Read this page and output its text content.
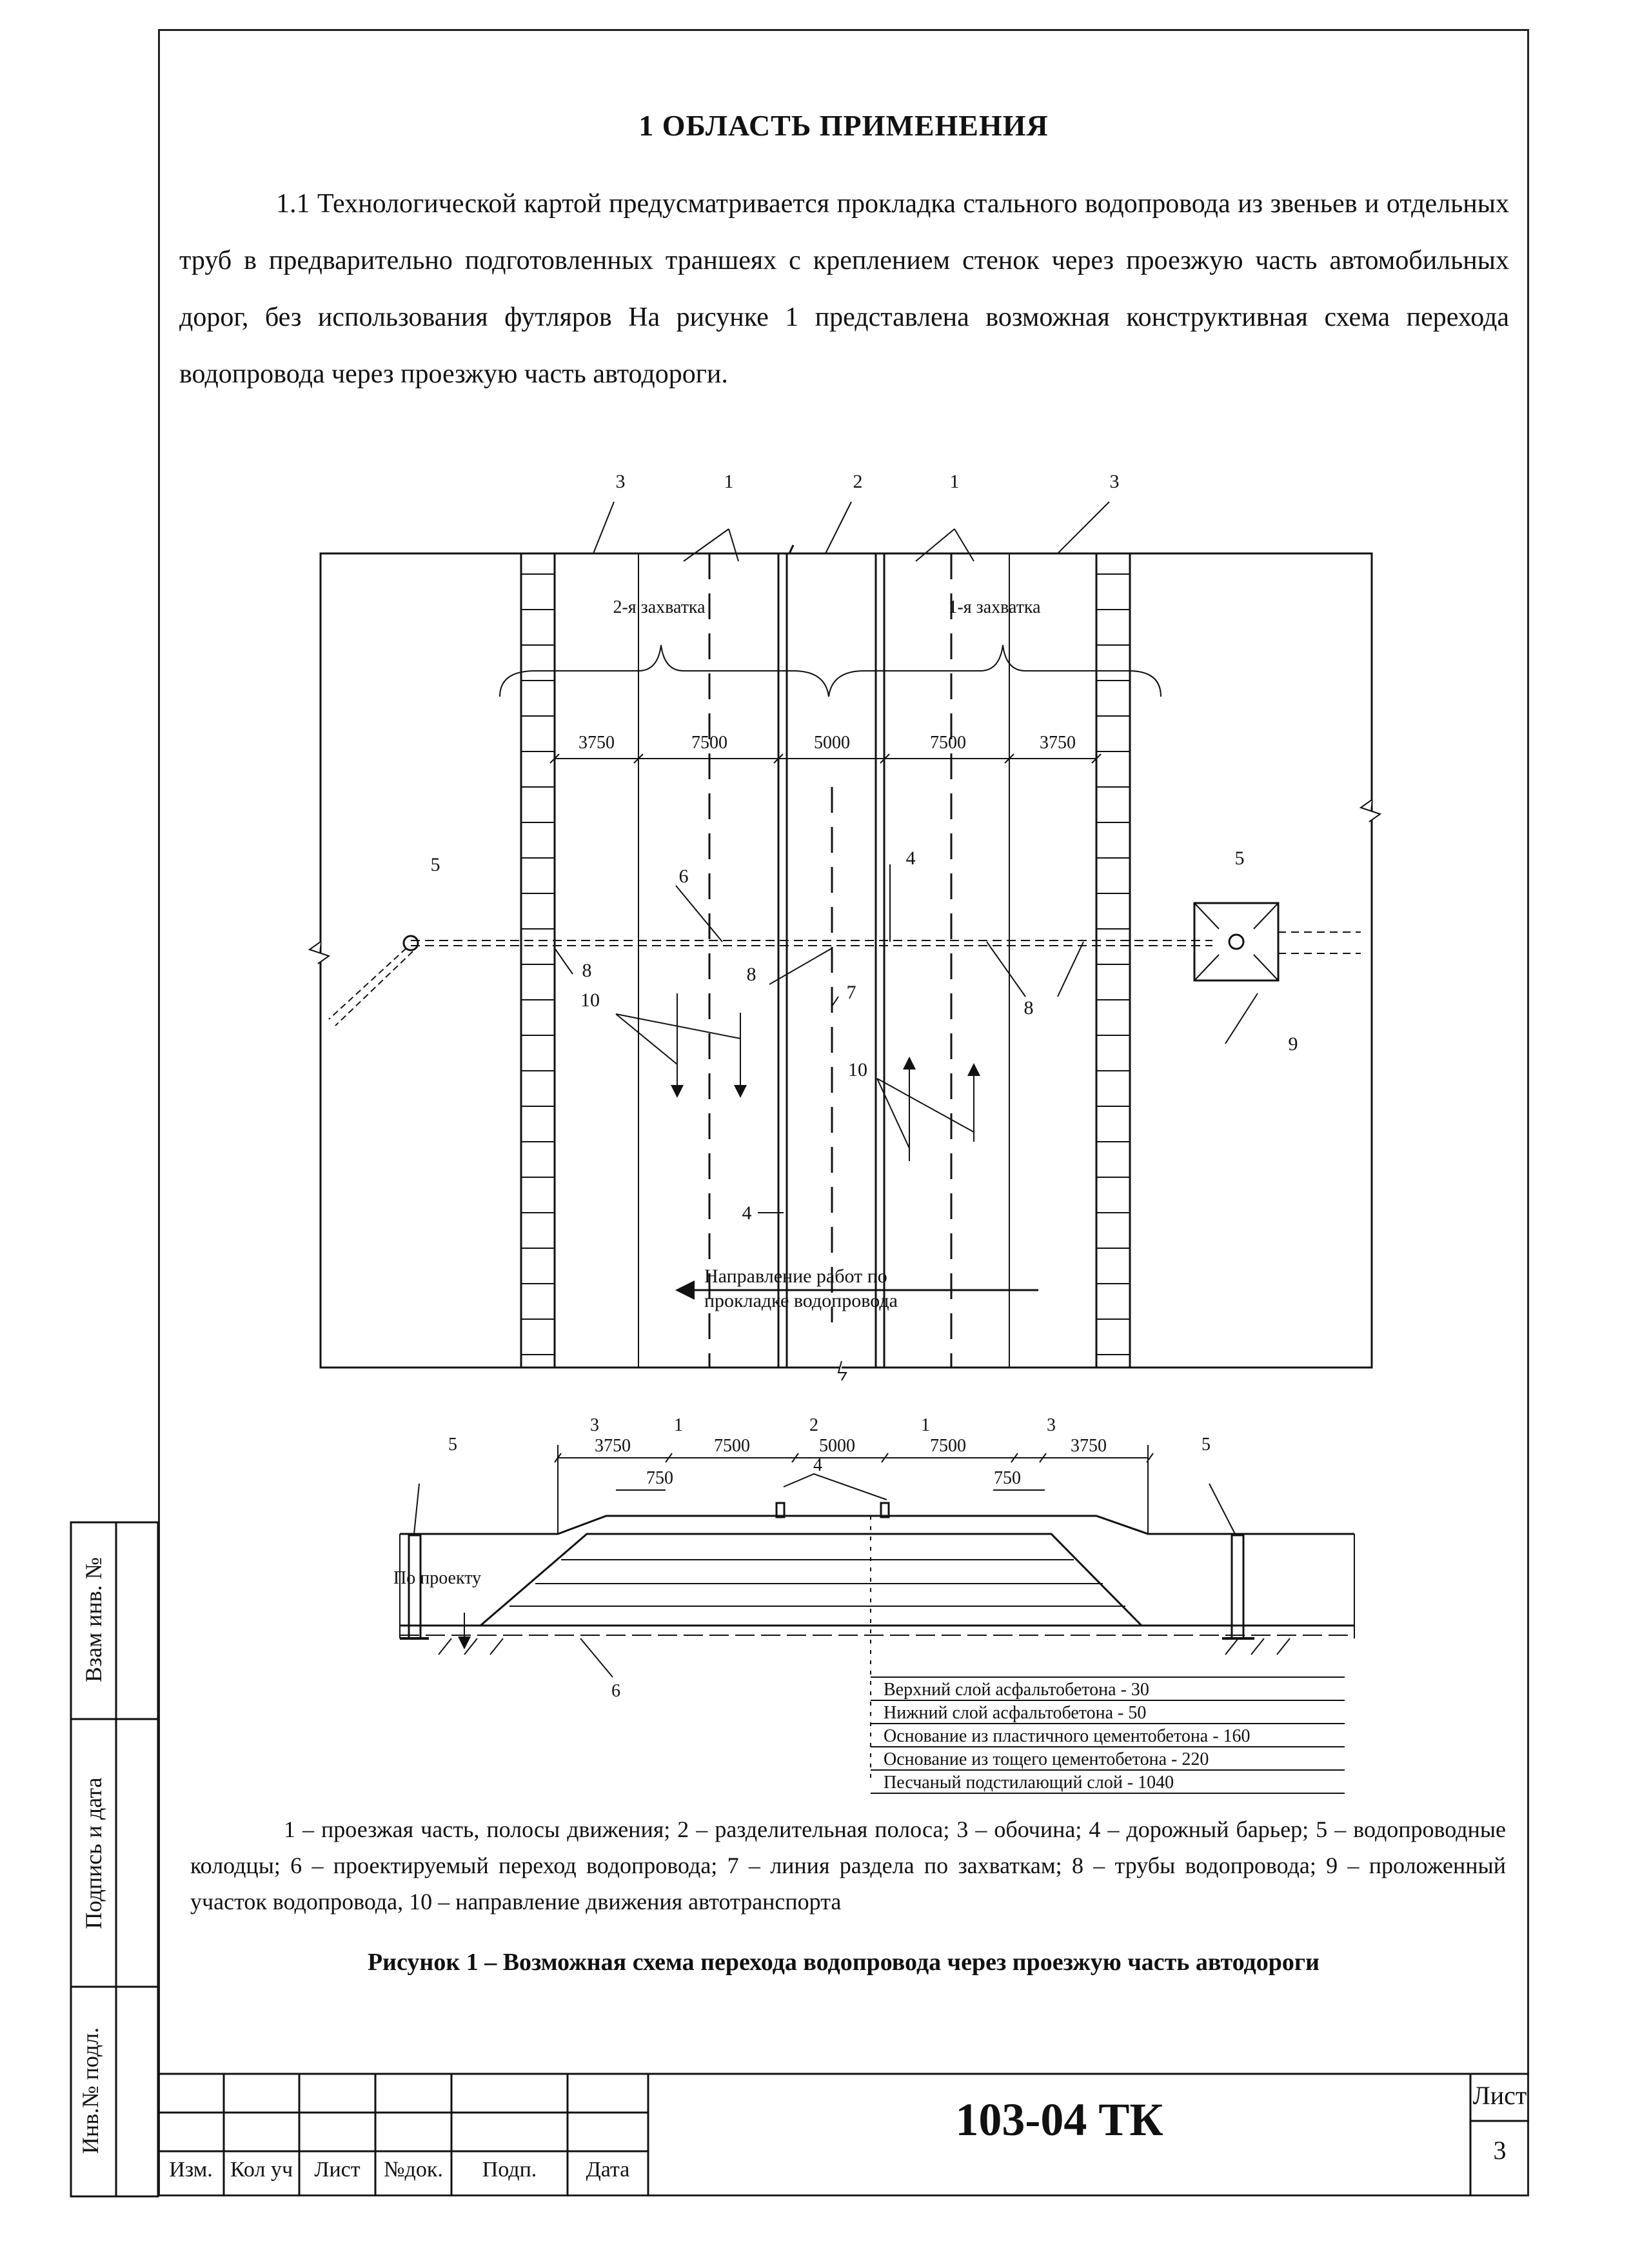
1 ОБЛАСТЬ ПРИМЕНЕНИЯ
1.1 Технологической картой предусматривается прокладка стального водопровода из звеньев и отдельных труб в предварительно подготовленных траншеях с креплением стенок через проезжую часть автомобильных дорог, без использования футляров На рисунке 1 представлена возможная конструктивная схема перехода водопровода через проезжую часть автодороги.
3	1	2	1	3
2-я захватка	1-я захватка
3750	7500	5000	7500	3750
5	5
6
4
4
8	8
8
7
9
10
10
Направление работ по
прокладке водопровода
3	1	2	1	3
3750	7500	5000	7500	3750
750	750
5	5
4
6
По проекту
Верхний слой асфальтобетона - 30
Нижний слой асфальтобетона - 50
Основание из пластичного цементобетона - 160
Основание из тощего цементобетона - 220
Песчаный подстилающий слой - 1040
1 – проезжая часть, полосы движения; 2 – разделительная полоса; 3 – обочина; 4 – дорожный барьер; 5 – водопроводные колодцы; 6 – проектируемый переход водопровода; 7 – линия раздела по захваткам; 8 – трубы водопровода; 9 – проложенный участок водопровода, 10 – направление движения автотранспорта
Рисунок 1 – Возможная схема перехода водопровода через проезжую часть автодороги
Взам инв. №
Подпись и дата
Инв.№ подл.
Изм. Кол уч Лист	№док.	Подп.	Дата
103-04 ТК	Лист
3
